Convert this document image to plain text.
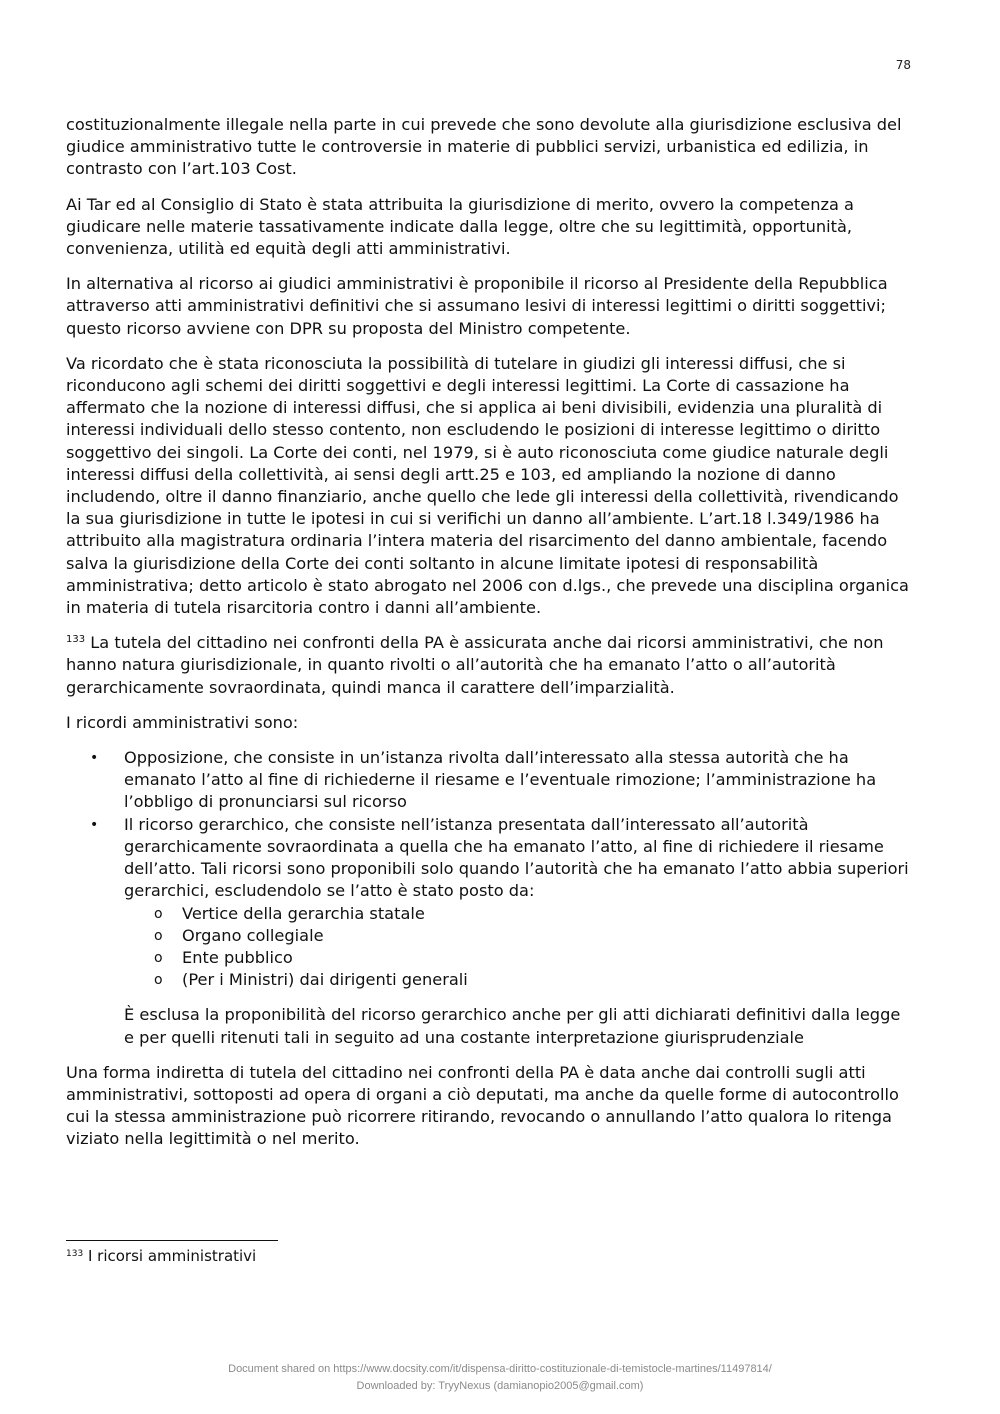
78

costituzionalmente illegale nella parte in cui prevede che sono devolute alla giurisdizione esclusiva del giudice amministrativo tutte le controversie in materie di pubblici servizi, urbanistica ed edilizia, in contrasto con l’art.103 Cost.

Ai Tar ed al Consiglio di Stato è stata attribuita la giurisdizione di merito, ovvero la competenza a giudicare nelle materie tassativamente indicate dalla legge, oltre che su legittimità, opportunità, convenienza, utilità ed equità degli atti amministrativi.

In alternativa al ricorso ai giudici amministrativi è proponibile il ricorso al Presidente della Repubblica attraverso atti amministrativi definitivi che si assumano lesivi di interessi legittimi o diritti soggettivi; questo ricorso avviene con DPR su proposta del Ministro competente.

Va ricordato che è stata riconosciuta la possibilità di tutelare in giudizi gli interessi diffusi, che si riconducono agli schemi dei diritti soggettivi e degli interessi legittimi. La Corte di cassazione ha affermato che la nozione di interessi diffusi, che si applica ai beni divisibili, evidenzia una pluralità di interessi individuali dello stesso contento, non escludendo le posizioni di interesse legittimo o diritto soggettivo dei singoli. La Corte dei conti, nel 1979, si è auto riconosciuta come giudice naturale degli interessi diffusi della collettività, ai sensi degli artt.25 e 103, ed ampliando la nozione di danno includendo, oltre il danno finanziario, anche quello che lede gli interessi della collettività, rivendicando la sua giurisdizione in tutte le ipotesi in cui si verifichi un danno all’ambiente. L’art.18 l.349/1986 ha attribuito alla magistratura ordinaria l’intera materia del risarcimento del danno ambientale, facendo salva la giurisdizione della Corte dei conti soltanto in alcune limitate ipotesi di responsabilità amministrativa; detto articolo è stato abrogato nel 2006 con d.lgs., che prevede una disciplina organica in materia di tutela risarcitoria contro i danni all’ambiente.

$^{133}$ La tutela del cittadino nei confronti della PA è assicurata anche dai ricorsi amministrativi, che non hanno natura giurisdizionale, in quanto rivolti o all’autorità che ha emanato l’atto o all’autorità gerarchicamente sovraordinata, quindi manca il carattere dell’imparzialità.

I ricordi amministrativi sono:

• Opposizione, che consiste in un’istanza rivolta dall’interessato alla stessa autorità che ha emanato l’atto al fine di richiederne il riesame e l’eventuale rimozione; l’amministrazione ha l’obbligo di pronunciarsi sul ricorso
• Il ricorso gerarchico, che consiste nell’istanza presentata dall’interessato all’autorità gerarchicamente sovraordinata a quella che ha emanato l’atto, al fine di richiedere il riesame dell’atto. Tali ricorsi sono proponibili solo quando l’autorità che ha emanato l’atto abbia superiori gerarchici, escludendolo se l’atto è stato posto da:
o Vertice della gerarchia statale
o Organo collegiale
o Ente pubblico
o (Per i Ministri) dai dirigenti generali

È esclusa la proponibilità del ricorso gerarchico anche per gli atti dichiarati definitivi dalla legge e per quelli ritenuti tali in seguito ad una costante interpretazione giurisprudenziale

Una forma indiretta di tutela del cittadino nei confronti della PA è data anche dai controlli sugli atti amministrativi, sottoposti ad opera di organi a ciò deputati, ma anche da quelle forme di autocontrollo cui la stessa amministrazione può ricorrere ritirando, revocando o annullando l’atto qualora lo ritenga viziato nella legittimità o nel merito.

$^{133}$ I ricorsi amministrativi
Document shared on https://www.docsity.com/it/dispensa-diritto-costituzionale-di-temistocle-martines/11497814/
Downloaded by: TryyNexus (damianopio2005@gmail.com)
